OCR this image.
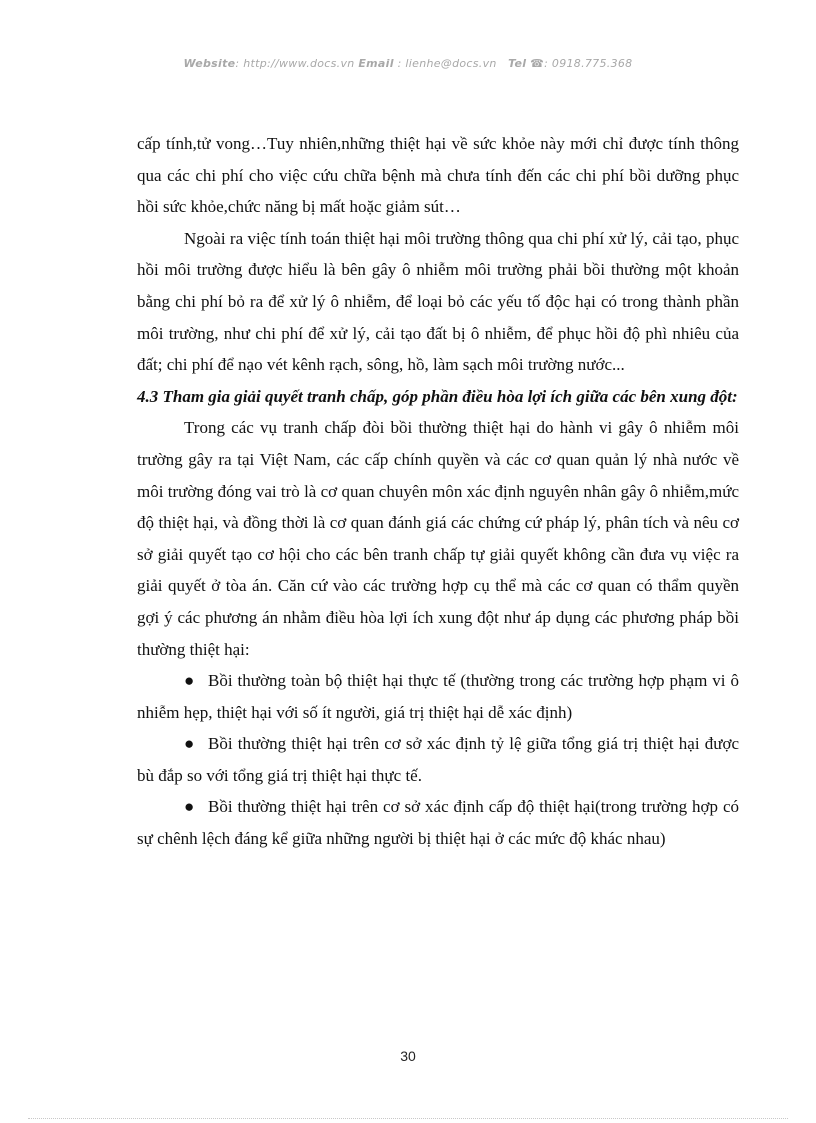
Website: http://www.docs.vn Email : lienhe@docs.vn Tel ☎: 0918.775.368

cấp tính,tử vong…Tuy nhiên,những thiệt hại về sức khỏe này mới chỉ được tính thông qua các chi phí cho việc cứu chữa bệnh mà chưa tính đến các chi phí bồi dưỡng phục hồi sức khỏe,chức năng bị mất hoặc giảm sút…

Ngoài ra việc tính toán thiệt hại môi trường thông qua chi phí xử lý, cải tạo, phục hồi môi trường được hiểu là bên gây ô nhiễm môi trường phải bồi thường một khoản bằng chi phí bỏ ra để xử lý ô nhiễm, để loại bỏ các yếu tố độc hại có trong thành phần môi trường, như chi phí để xử lý, cải tạo đất bị ô nhiễm, để phục hồi độ phì nhiêu của đất; chi phí để nạo vét kênh rạch, sông, hồ, làm sạch môi trường nước...

4.3 Tham gia giải quyết tranh chấp, góp phần điều hòa lợi ích giữa các bên xung đột:

Trong các vụ tranh chấp đòi bồi thường thiệt hại do hành vi gây ô nhiễm môi trường gây ra tại Việt Nam, các cấp chính quyền và các cơ quan quản lý nhà nước về môi trường đóng vai trò là cơ quan chuyên môn xác định nguyên nhân gây ô nhiễm,mức độ thiệt hại, và đồng thời là cơ quan đánh giá các chứng cứ pháp lý, phân tích và nêu cơ sở giải quyết tạo cơ hội cho các bên tranh chấp tự giải quyết không cần đưa vụ việc ra giải quyết ở tòa án. Căn cứ vào các trường hợp cụ thể mà các cơ quan có thẩm quyền gợi ý các phương án nhằm điều hòa lợi ích xung đột như áp dụng các phương pháp bồi thường thiệt hại:

● Bồi thường toàn bộ thiệt hại thực tế (thường trong các trường hợp phạm vi ô nhiễm hẹp, thiệt hại với số ít người, giá trị thiệt hại dễ xác định)

● Bồi thường thiệt hại trên cơ sở xác định tỷ lệ giữa tổng giá trị thiệt hại được bù đắp so với tổng giá trị thiệt hại thực tế.

● Bồi thường thiệt hại trên cơ sở xác định cấp độ thiệt hại(trong trường hợp có sự chênh lệch đáng kể giữa những người bị thiệt hại ở các mức độ khác nhau)

30
